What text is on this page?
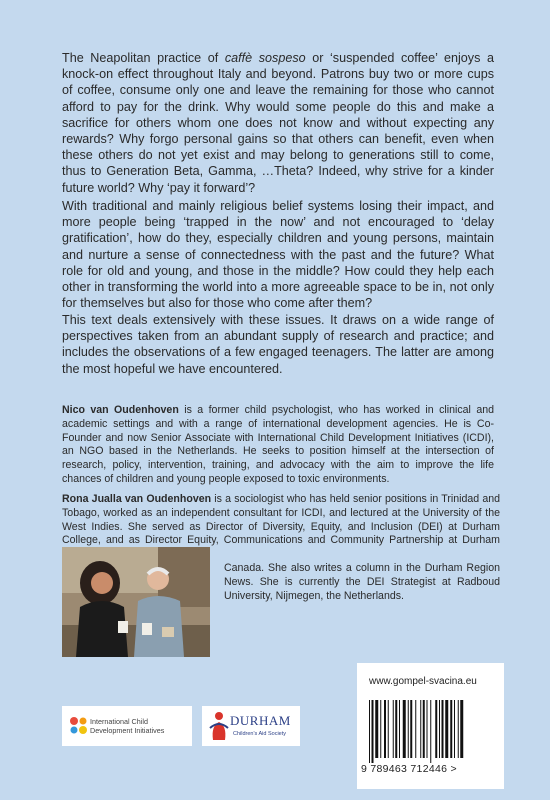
The Neapolitan practice of caffè sospeso or ‘suspended coffee’ enjoys a knock-on effect throughout Italy and beyond. Patrons buy two or more cups of coffee, consume only one and leave the remaining for those who cannot afford to pay for the drink. Why would some people do this and make a sacrifice for others whom one does not know and without expecting any rewards? Why forgo personal gains so that others can benefit, even when these others do not yet exist and may belong to generations still to come, thus to Generation Beta, Gamma, …Theta? Indeed, why strive for a kinder future world? Why ‘pay it forward’?

With traditional and mainly religious belief systems losing their impact, and more people being ‘trapped in the now’ and not encouraged to ‘delay gratification’, how do they, especially children and young persons, maintain and nurture a sense of connectedness with the past and the future? What role for old and young, and those in the middle? How could they help each other in transforming the world into a more agreeable space to be in, not only for themselves but also for those who come after them?

This text deals extensively with these issues. It draws on a wide range of perspectives taken from an abundant supply of research and practice; and includes the observations of a few engaged teenagers. The latter are among the most hopeful we have encountered.

Nico van Oudenhoven is a former child psychologist, who has worked in clinical and academic settings and with a range of international development agencies. He is Co-Founder and now Senior Associate with International Child Development Initiatives (ICDI), an NGO based in the Netherlands. He seeks to position himself at the intersection of research, policy, intervention, training, and advocacy with the aim to improve the life chances of children and young people exposed to toxic environments.

Rona Jualla van Oudenhoven is a sociologist who has held senior positions in Trinidad and Tobago, worked as an independent consultant for ICDI, and lectured at the University of the West Indies. She served as Director of Diversity, Equity, and Inclusion (DEI) at Durham College, and as Director Equity, Communications and Community Partnership at Durham

Canada. She also writes a column in the Durham Region News. She is currently the DEI Strategist at Radboud University, Nijmegen, the Netherlands.

International Child
Development Initiatives
DURHAM
Children's Aid Society
www.gompel-svacina.eu
9 789463 712446 >
